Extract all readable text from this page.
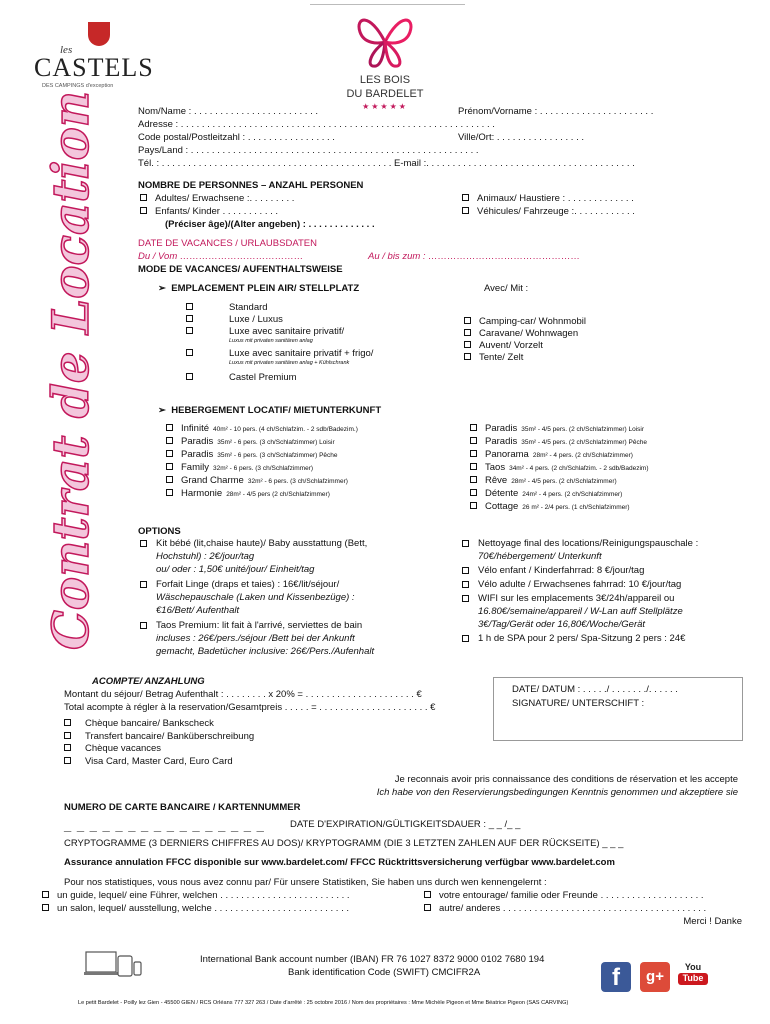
les
CASTELS
DES CAMPINGS d'exception	LES BOIS
DU BARDELET
★★★★★
Contrat de Location	Nom/Name : . . . . . . . . . . . . . . . . . . . . . . . .	Prénom/Vorname : . . . . . . . . . . . . . . . . . . . . . .
Adresse : . . . . . . . . . . . . . . . . . . . . . . . . . . . . . . . . . . . . . . . . . . . . . . . . . . . . . . . . . . . .
Code postal/Postleitzahl : . . . . . . . . . . . . . . . . .	Ville/Ort: . . . . . . . . . . . . . . . . .
Pays/Land : . . . . . . . . . . . . . . . . . . . . . . . . . . . . . . . . . . . . . . . . . . . . . . . . . . . . . . .
Tél. : . . . . . . . . . . . . . . . . . . . . . . . . . . . . . . . . . . . . . . . . . . . . E-mail :. . . . . . . . . . . . . . . . . . . . . . . . . . . . . . . . . . . . . . . .
NOMBRE DE PERSONNES – ANZAHL PERSONEN
Adultes/ Erwachsene :. . . . . . . . .
Enfants/ Kinder . . . . . . . . . . .
(Préciser âge)/(Alter angeben) : . . . . . . . . . . . . .
Animaux/ Haustiere : . . . . . . . . . . . . .
Véhicules/ Fahrzeuge :. . . . . . . . . . . .
DATE DE VACANCES / URLAUBSDATEN
Du / Vom …………………………………	Au / bis zum : …………………………………………
MODE DE VACANCES/ AUFENTHALTSWEISE
➢  EMPLACEMENT PLEIN AIR/ STELLPLATZ	Avec/ Mit :
Standard
Luxe / Luxus
Luxe avec sanitaire privatif/
Luxus mit privaten sanitären anlag
Luxe avec sanitaire privatif + frigo/
Luxus mit privaten sanitären anlag + Kühlschrank
Castel Premium
Camping-car/ Wohnmobil
Caravane/ Wohnwagen
Auvent/ Vorzelt
Tente/ Zelt
➢  HEBERGEMENT LOCATIF/ MIETUNTERKUNFT
Infinité 40m² - 10 pers. (4 ch/Schlafzim. - 2 sdb/Badezim.)
Paradis 35m² - 6 pers. (3 ch/Schlafzimmer) Loisir
Paradis 35m² - 6 pers. (3 ch/Schlafzimmer) Pêche
Family 32m² - 6 pers. (3 ch/Schlafzimmer)
Grand Charme 32m² - 6 pers. (3 ch/Schlafzimmer)
Harmonie 28m² - 4/5 pers (2 ch/Schlafzimmer)
Paradis 35m² - 4/5 pers. (2 ch/Schlafzimmer) Loisir
Paradis 35m² - 4/5 pers. (2 ch/Schlafzimmer) Pêche
Panorama 28m² - 4 pers. (2 ch/Schlafzimmer)
Taos 34m² - 4 pers. (2 ch/Schlafzim. - 2 sdb/Badezim)
Rêve 28m² - 4/5 pers. (2 ch/Schlafzimmer)
Détente 24m² - 4 pers. (2 ch/Schlafzimmer)
Cottage 26 m² - 2/4 pers. (1 ch/Schlafzimmer)
OPTIONS
Kit bébé (lit,chaise haute)/ Baby ausstattung (Bett,
Hochstuhl) : 2€/jour/tag
ou/ oder : 1,50€ unité/jour/ Einheit/tag
Forfait Linge (draps et taies) : 16€/lit/séjour/
Wäschepauschale (Laken und Kissenbezüge) :
€16/Bett/ Aufenthalt
Taos Premium: lit fait à l'arrivé, serviettes de bain
incluses : 26€/pers./séjour /Bett bei der Ankunft
gemacht, Badetücher inclusive: 26€/Pers./Aufenhalt
Nettoyage final des locations/Reinigungspauschale :
70€/hébergement/ Unterkunft
Vélo enfant / Kinderfahrrad: 8 €/jour/tag
Vélo adulte / Erwachsenes fahrrad: 10 €/jour/tag
WIFI sur les emplacements 3€/24h/appareil ou
16.80€/semaine/appareil / W-Lan auff Stellplätze
3€/Tag/Gerät oder 16,80€/Woche/Gerät
1 h de SPA pour 2 pers/ Spa-Sitzung 2 pers : 24€
ACOMPTE/ ANZAHLUNG
Montant du séjour/ Betrag Aufenthalt : . . . . . . . . x 20% = . . . . . . . . . . . . . . . . . . . . . €
Total acompte à régler à la reservation/Gesamtpreis . . . . . = . . . . . . . . . . . . . . . . . . . . . €
Chèque bancaire/ Bankscheck
Transfert bancaire/ Banküberschreibung
Chèque vacances
Visa Card, Master Card, Euro Card
DATE/ DATUM : . . . . ./ . . . . . . ./. . . . . .
SIGNATURE/ UNTERSCHIFT :
Je reconnais avoir pris connaissance des conditions de réservation et les accepte
Ich habe von den Reservierungsbedingungen Kenntnis genommen und akzeptiere sie
NUMERO DE CARTE BANCAIRE / KARTENNUMMER
_ _ _ _ _ _ _ _ _ _ _ _ _ _ _ _	DATE D'EXPIRATION/GÜLTIGKEITSDAUER : _ _ /_ _
CRYPTOGRAMME (3 DERNIERS CHIFFRES AU DOS)/ KRYPTOGRAMM (DIE 3 LETZTEN ZAHLEN AUF DER RÜCKSEITE) _ _ _
Assurance annulation FFCC disponible sur www.bardelet.com/ FFCC Rücktrittsversicherung verfügbar www.bardelet.com
Pour nos statistiques, vous nous avez connu par/ Für unsere Statistiken, Sie haben uns durch wen kennengelernt :
un guide, lequel/ eine Führer, welchen . . . . . . . . . . . . . . . . . . . . . . . . .
un salon, lequel/ ausstellung, welche . . . . . . . . . . . . . . . . . . . . . . . . . .
votre entourage/ familie oder Freunde . . . . . . . . . . . . . . . . . . . .
autre/ anderes . . . . . . . . . . . . . . . . . . . . . . . . . . . . . . . . . . . . . . .
Merci ! Danke
International Bank account number (IBAN) FR 76 1027 8372 9000 0102 7680 194
Bank identification Code (SWIFT) CMCIFR2A	f	g+
You
Tube
Le petit Bardelet - Poilly lez Gien - 45500 GIEN / RCS Orléans 777 327 263 / Date d'arrêté : 25 octobre 2016 / Nom des propriétaires : Mme Michèle Pigeon et Mme Béatrice Pigeon (SAS CARVING)
